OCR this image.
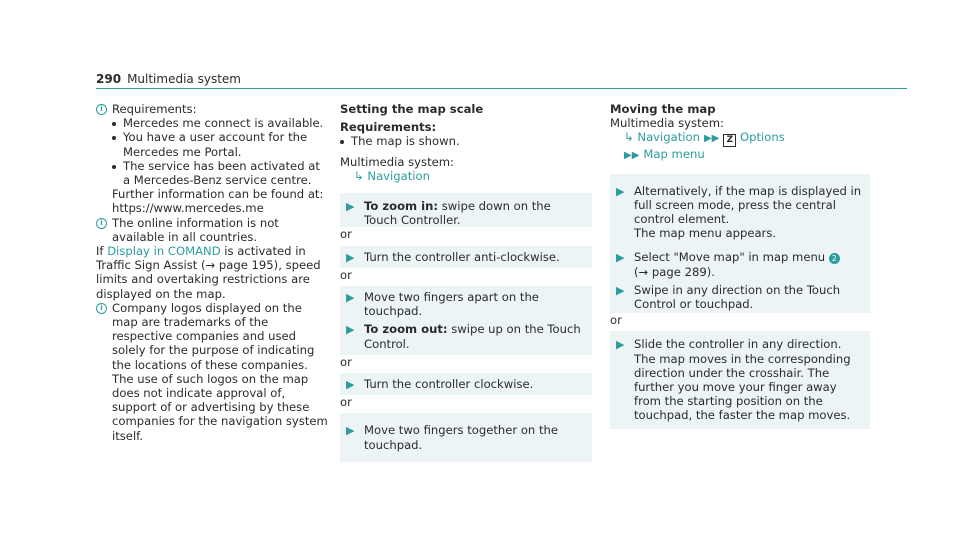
290 Multimedia system
i Requirements:

Mercedes me connect is available.
You have a user account for the Mercedes me Portal.
The service has been activated at a Mercedes-Benz service centre.

Further information can be found at:

https://www.mercedes.me

i The online information is not available in all countries.

If Display in COMAND is activated in Traffic Sign Assist (→ page 195), speed limits and overtaking restrictions are displayed on the map.

i Company logos displayed on the map are trademarks of the respective companies and used solely for the purpose of indicating the locations of these companies. The use of such logos on the map does not indicate approval of, support of or advertising by these companies for the navigation system itself.

Setting the map scale

Requirements:

The map is shown.

Multimedia system:

↳ Navigation

▶ To zoom in: swipe down on the Touch Controller.

or

▶ Turn the controller anti-clockwise.

or

▶ Move two fingers apart on the touchpad.
▶ To zoom out: swipe up on the Touch Control.

or

▶ Turn the controller clockwise.

or

▶ Move two fingers together on the touchpad.

Moving the map

Multimedia system:

↳ Navigation ▶▶ Z Options

▶▶ Map menu

▶ Alternatively, if the map is displayed in full screen mode, press the central control element.
The map menu appears.
▶ Select "Move map" in map menu 2
(→ page 289).
▶ Swipe in any direction on the Touch Control or touchpad.

or

▶ Slide the controller in any direction.
The map moves in the corresponding direction under the crosshair. The further you move your finger away from the starting position on the touchpad, the faster the map moves.
